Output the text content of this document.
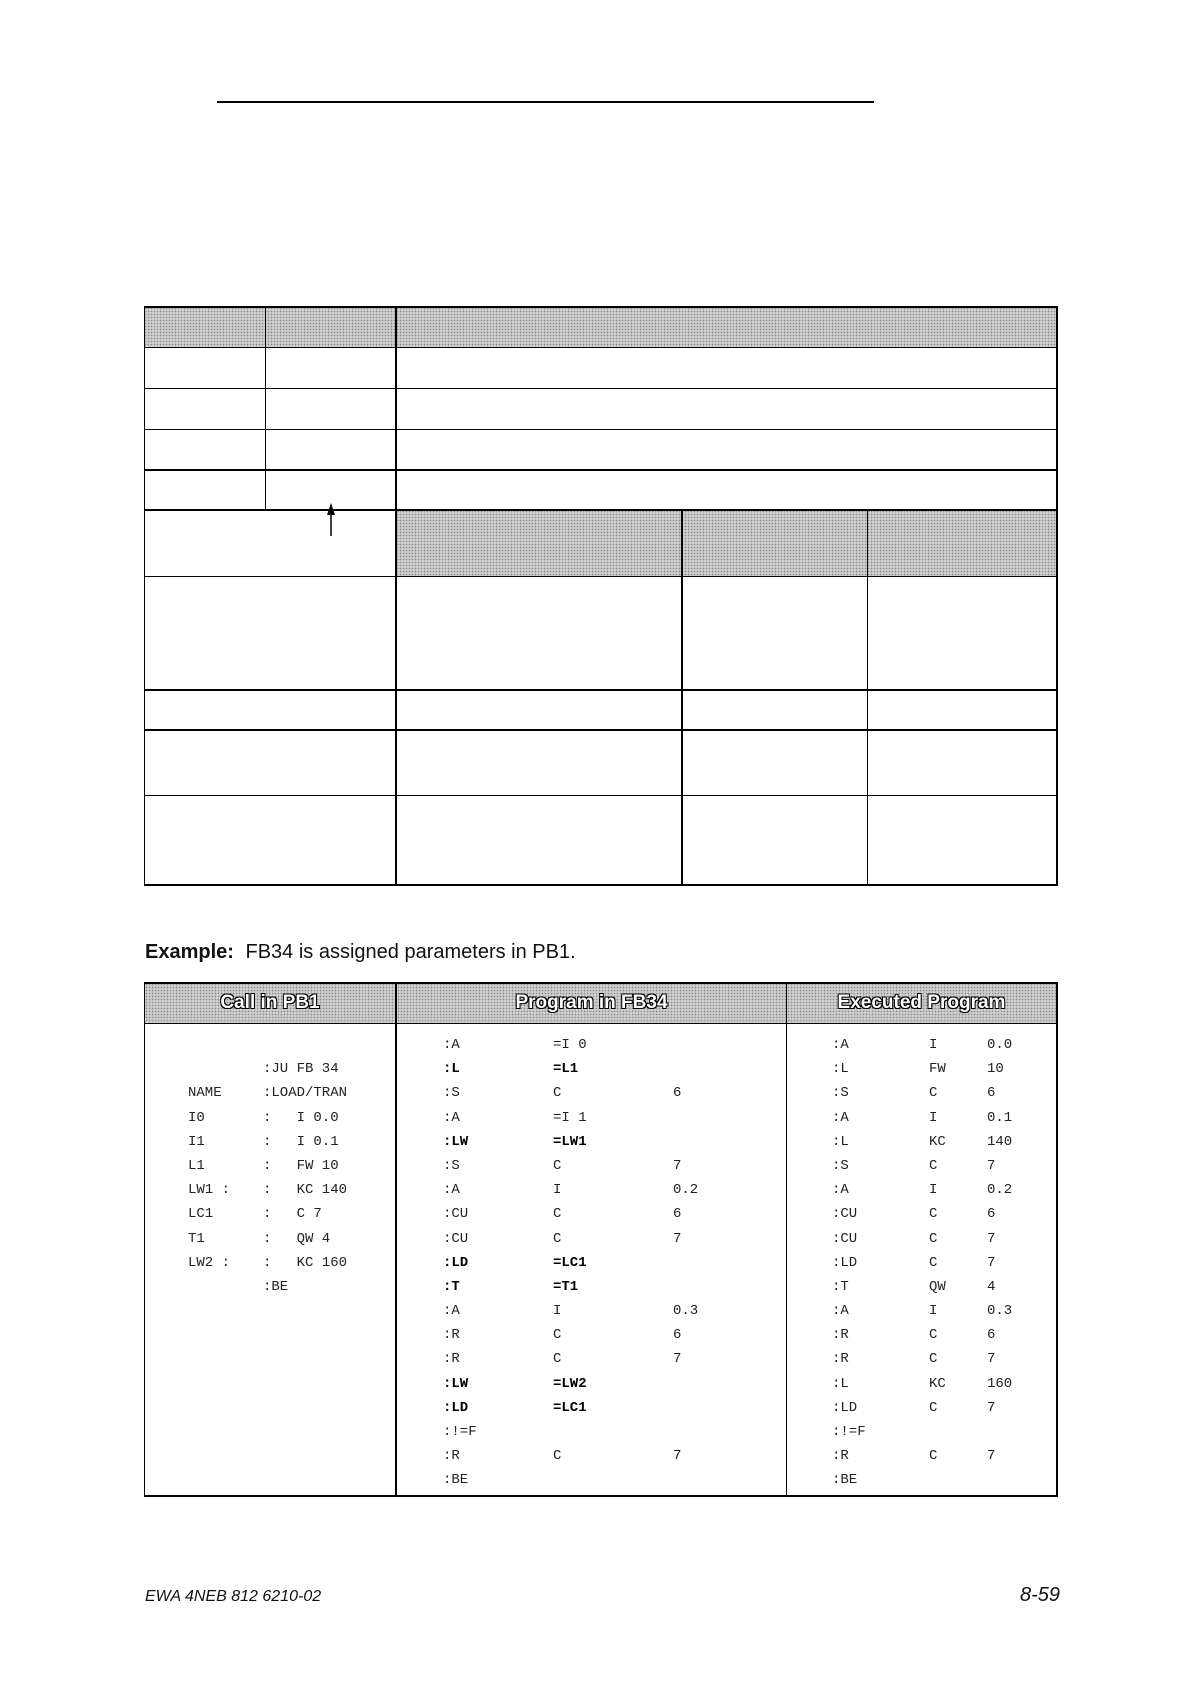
Example: FB34 is assigned parameters in PB1.
Call in PB1	Program in FB34	Executed Program
:JU FB 34
NAME	:LOAD/TRAN
I0	:   I 0.0
I1	:   I 0.1
L1	:   FW 10
LW1 : :   KC 140
LC1	:   C 7
T1	:   QW 4
LW2 : :   KC 160
:BE
:A	=I 0
:L	=L1
:S	C	6
:A	=I 1
:LW	=LW1
:S	C	7
:A	I	0.2
:CU	C	6
:CU	C	7
:LD	=LC1
:T	=T1
:A	I	0.3
:R	C	6
:R	C	7
:LW	=LW2
:LD	=LC1
:!=F
:R	C	7
:BE
:A	I	0.0
:L	FW	10
:S	C	6
:A	I	0.1
:L	KC	140
:S	C	7
:A	I	0.2
:CU	C	6
:CU	C	7
:LD	C	7
:T	QW	4
:A	I	0.3
:R	C	6
:R	C	7
:L	KC	160
:LD	C	7
:!=F
:R	C	7
:BE
EWA 4NEB 812 6210-02	8-59
